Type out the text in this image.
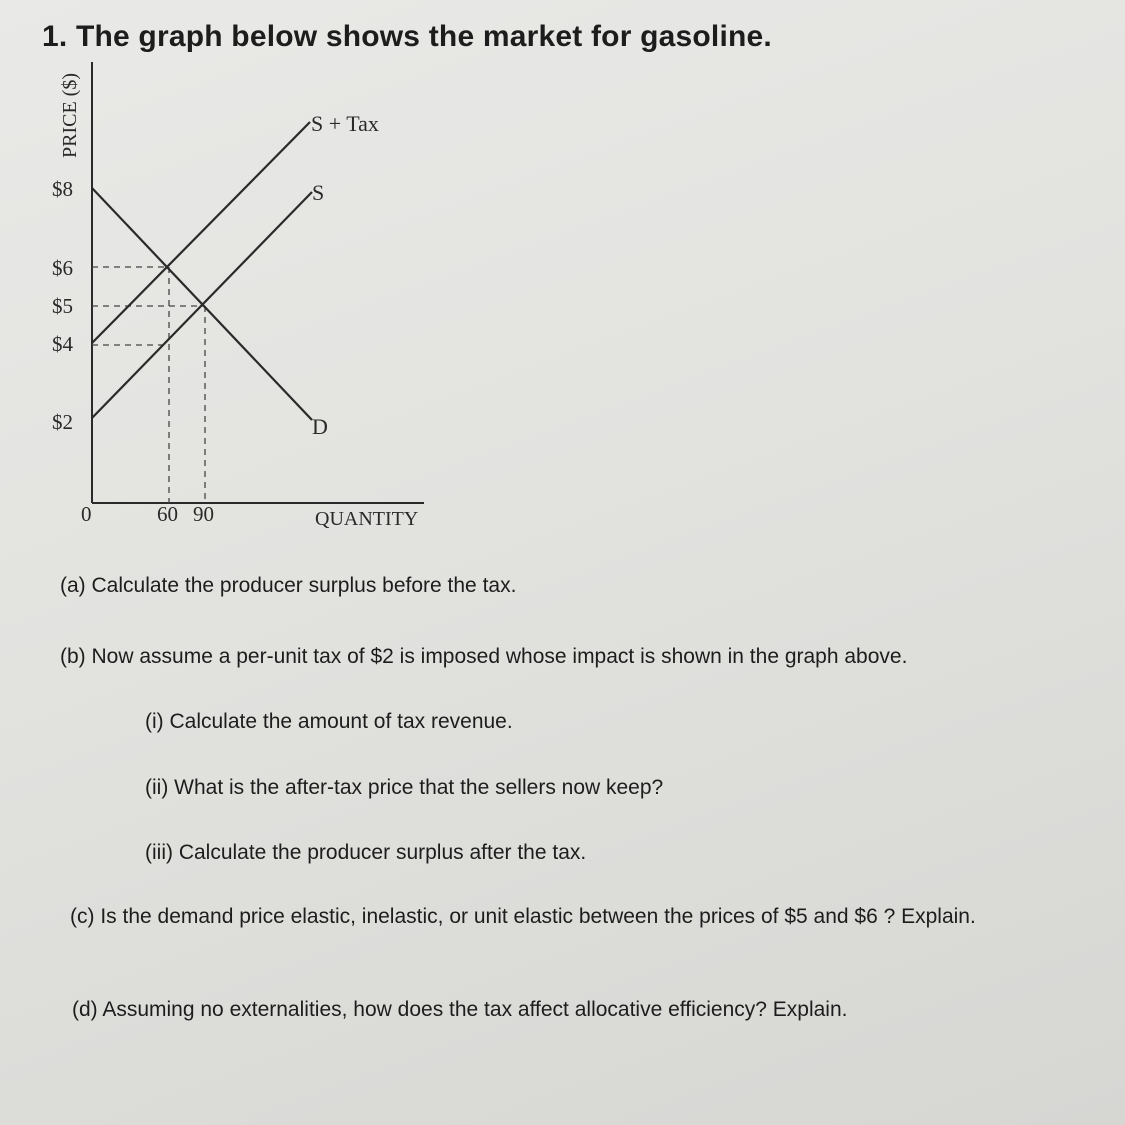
1. The graph below shows the market for gasoline.
PRICE ($)
$8
$6
$5
$4
$2
0	60 90	QUANTITY
S + Tax
S
D
(a) Calculate the producer surplus before the tax.
(b) Now assume a per-unit tax of $2 is imposed whose impact is shown in the graph above.
(i) Calculate the amount of tax revenue.
(ii) What is the after-tax price that the sellers now keep?
(iii) Calculate the producer surplus after the tax.
(c) Is the demand price elastic, inelastic, or unit elastic between the prices of $5 and $6 ? Explain.
(d) Assuming no externalities, how does the tax affect allocative efficiency? Explain.
